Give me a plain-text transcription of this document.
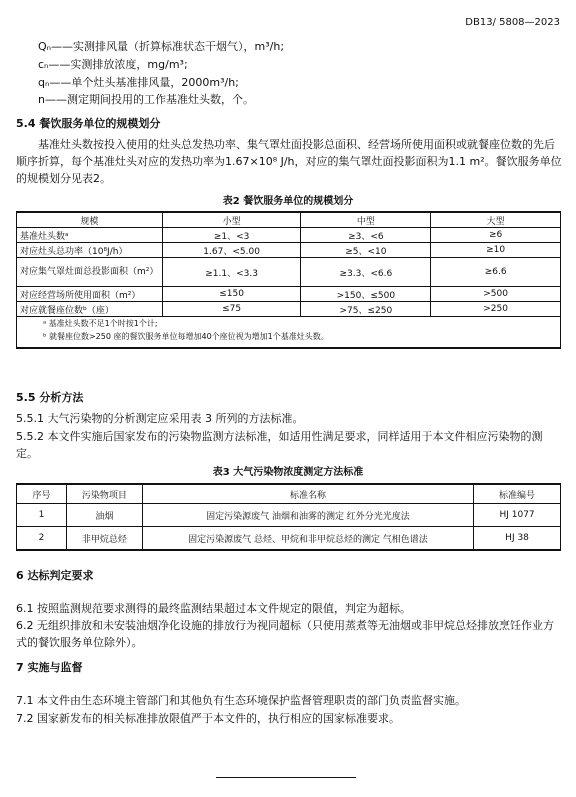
DB13/ 5808—2023
Qₙ——实测排风量（折算标准状态干烟气），m³/h;
cₙ——实测排放浓度，mg/m³;
qₙ——单个灶头基准排风量，2000m³/h;
n——测定期间投用的工作基准灶头数，个。
5.4 餐饮服务单位的规模划分
基准灶头数按投入使用的灶头总发热功率、集气罩灶面投影总面积、经营场所使用面积或就餐座位数的先后顺序折算，每个基准灶头对应的发热功率为1.67×10⁸ J/h，对应的集气罩灶面投影面积为1.1 m²。餐饮服务单位的规模划分见表2。
表2 餐饮服务单位的规模划分
规模	小型	中型	大型
基准灶头数ᵃ	≥1、<3	≥3、<6	≥6
对应灶头总功率（10⁸J/h）	1.67、<5.00	≥5、<10	≥10
对应集气罩灶面总投影面积（m²）	≥1.1、<3.3	≥3.3、<6.6	≥6.6
对应经营场所使用面积（m²）	≤150	>150、≤500	>500
对应就餐座位数ᵇ（座）	≤75	>75、≤250	>250
ᵃ 基准灶头数不足1个时按1个计;			
ᵇ 就餐座位数>250 座的餐饮服务单位每增加40个座位视为增加1个基准灶头数。			
5.5 分析方法
5.5.1 大气污染物的分析测定应采用表 3 所列的方法标准。
5.5.2 本文件实施后国家发布的污染物监测方法标准，如适用性满足要求，同样适用于本文件相应污染物的测定。
表3 大气污染物浓度测定方法标准
序号	污染物项目	标准名称	标准编号
1	油烟	固定污染源废气 油烟和油雾的测定 红外分光光度法	HJ 1077
2	非甲烷总烃	固定污染源废气 总烃、甲烷和非甲烷总烃的测定 气相色谱法	HJ 38
6 达标判定要求
6.1 按照监测规范要求测得的最终监测结果超过本文件规定的限值，判定为超标。
6.2 无组织排放和未安装油烟净化设施的排放行为视同超标（只使用蒸煮等无油烟或非甲烷总烃排放烹饪作业方式的餐饮服务单位除外）。
7 实施与监督
7.1 本文件由生态环境主管部门和其他负有生态环境保护监督管理职责的部门负责监督实施。
7.2 国家新发布的相关标准排放限值严于本文件的，执行相应的国家标准要求。
